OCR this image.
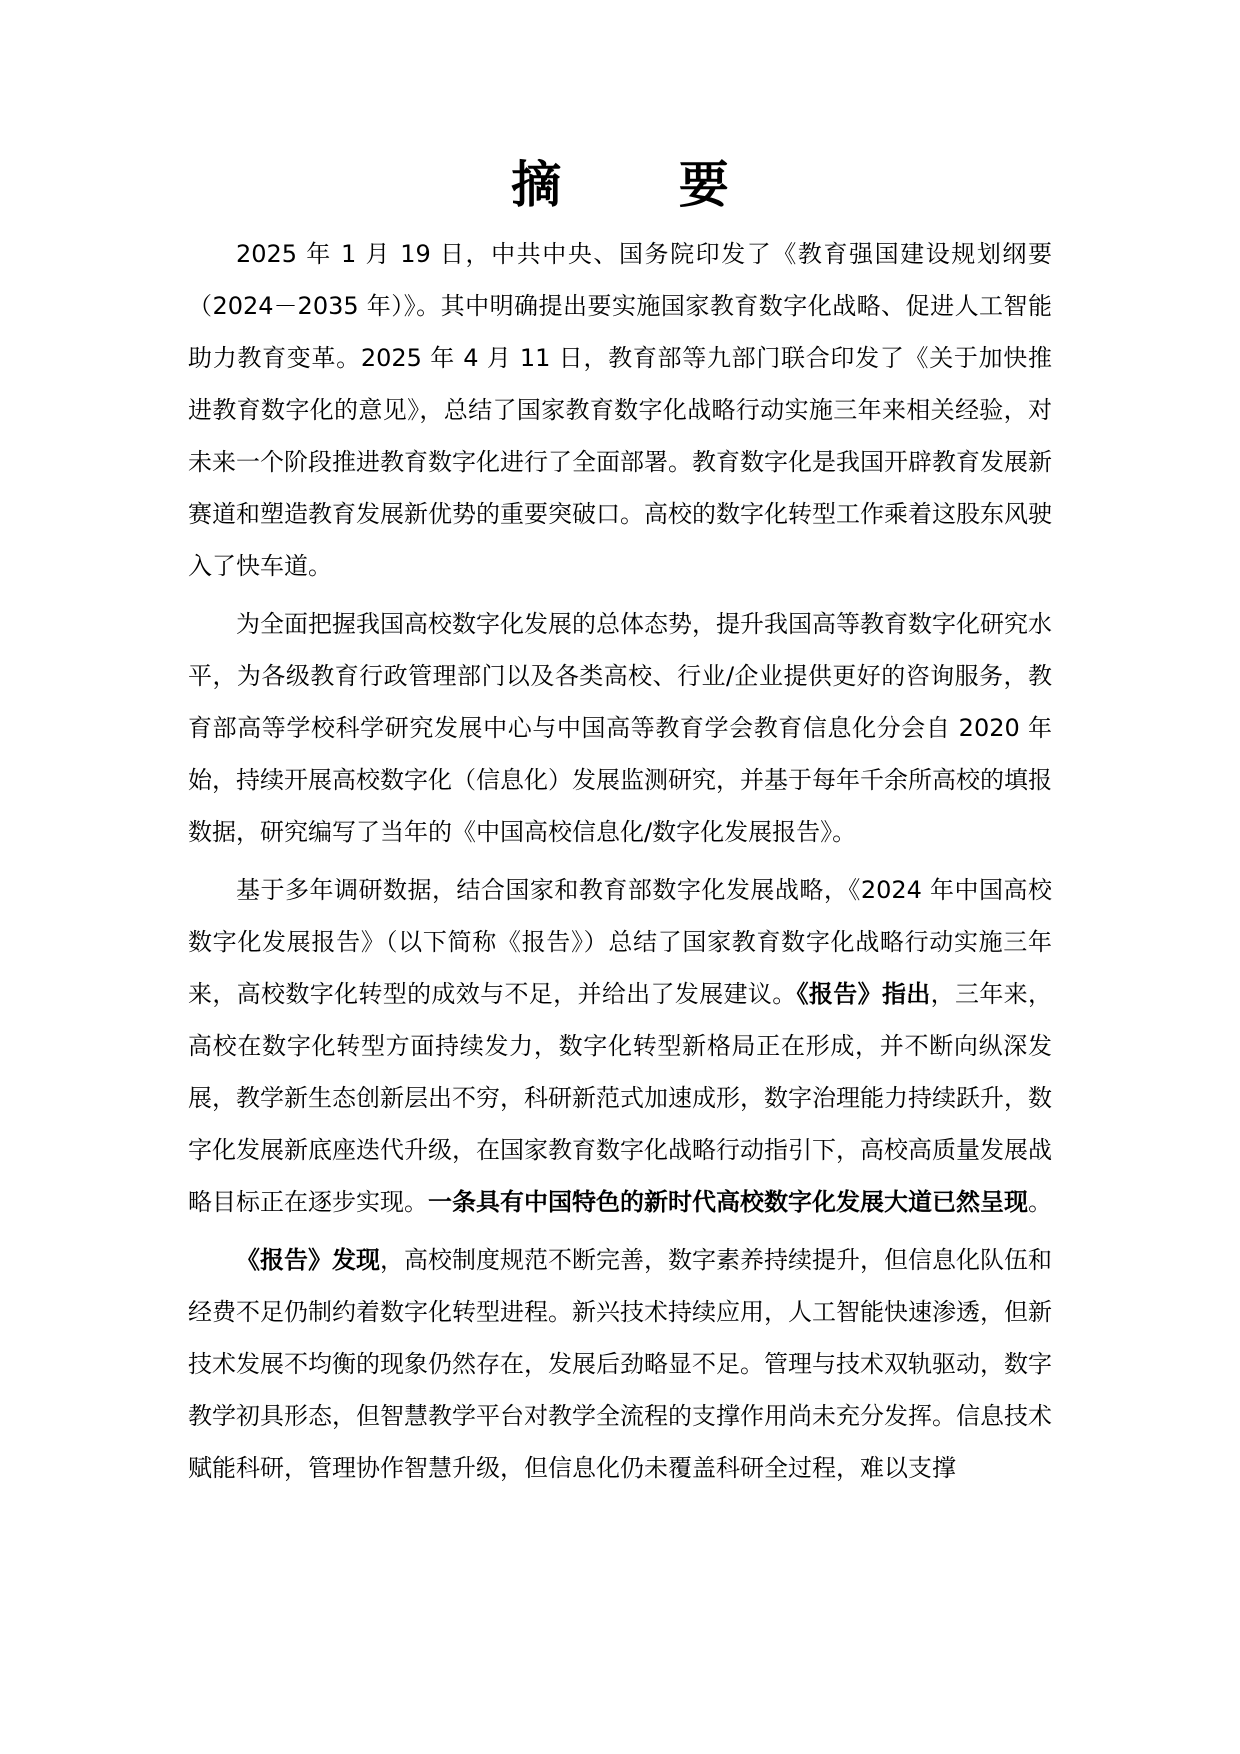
摘 要

2025 年 1 月 19 日，中共中央、国务院印发了《教育强国建设规划纲要（2024－2035 年）》。其中明确提出要实施国家教育数字化战略、促进人工智能助力教育变革。2025 年 4 月 11 日，教育部等九部门联合印发了《关于加快推进教育数字化的意见》，总结了国家教育数字化战略行动实施三年来相关经验，对未来一个阶段推进教育数字化进行了全面部署。教育数字化是我国开辟教育发展新赛道和塑造教育发展新优势的重要突破口。高校的数字化转型工作乘着这股东风驶入了快车道。

为全面把握我国高校数字化发展的总体态势，提升我国高等教育数字化研究水平，为各级教育行政管理部门以及各类高校、行业/企业提供更好的咨询服务，教育部高等学校科学研究发展中心与中国高等教育学会教育信息化分会自 2020 年始，持续开展高校数字化（信息化）发展监测研究，并基于每年千余所高校的填报数据，研究编写了当年的《中国高校信息化/数字化发展报告》。

基于多年调研数据，结合国家和教育部数字化发展战略，《2024 年中国高校数字化发展报告》（以下简称《报告》）总结了国家教育数字化战略行动实施三年来，高校数字化转型的成效与不足，并给出了发展建议。《报告》指出，三年来，高校在数字化转型方面持续发力，数字化转型新格局正在形成，并不断向纵深发展，教学新生态创新层出不穷，科研新范式加速成形，数字治理能力持续跃升，数字化发展新底座迭代升级，在国家教育数字化战略行动指引下，高校高质量发展战略目标正在逐步实现。一条具有中国特色的新时代高校数字化发展大道已然呈现。

《报告》发现，高校制度规范不断完善，数字素养持续提升，但信息化队伍和经费不足仍制约着数字化转型进程。新兴技术持续应用，人工智能快速渗透，但新技术发展不均衡的现象仍然存在，发展后劲略显不足。管理与技术双轨驱动，数字教学初具形态，但智慧教学平台对教学全流程的支撑作用尚未充分发挥。信息技术赋能科研，管理协作智慧升级，但信息化仍未覆盖科研全过程，难以支撑
